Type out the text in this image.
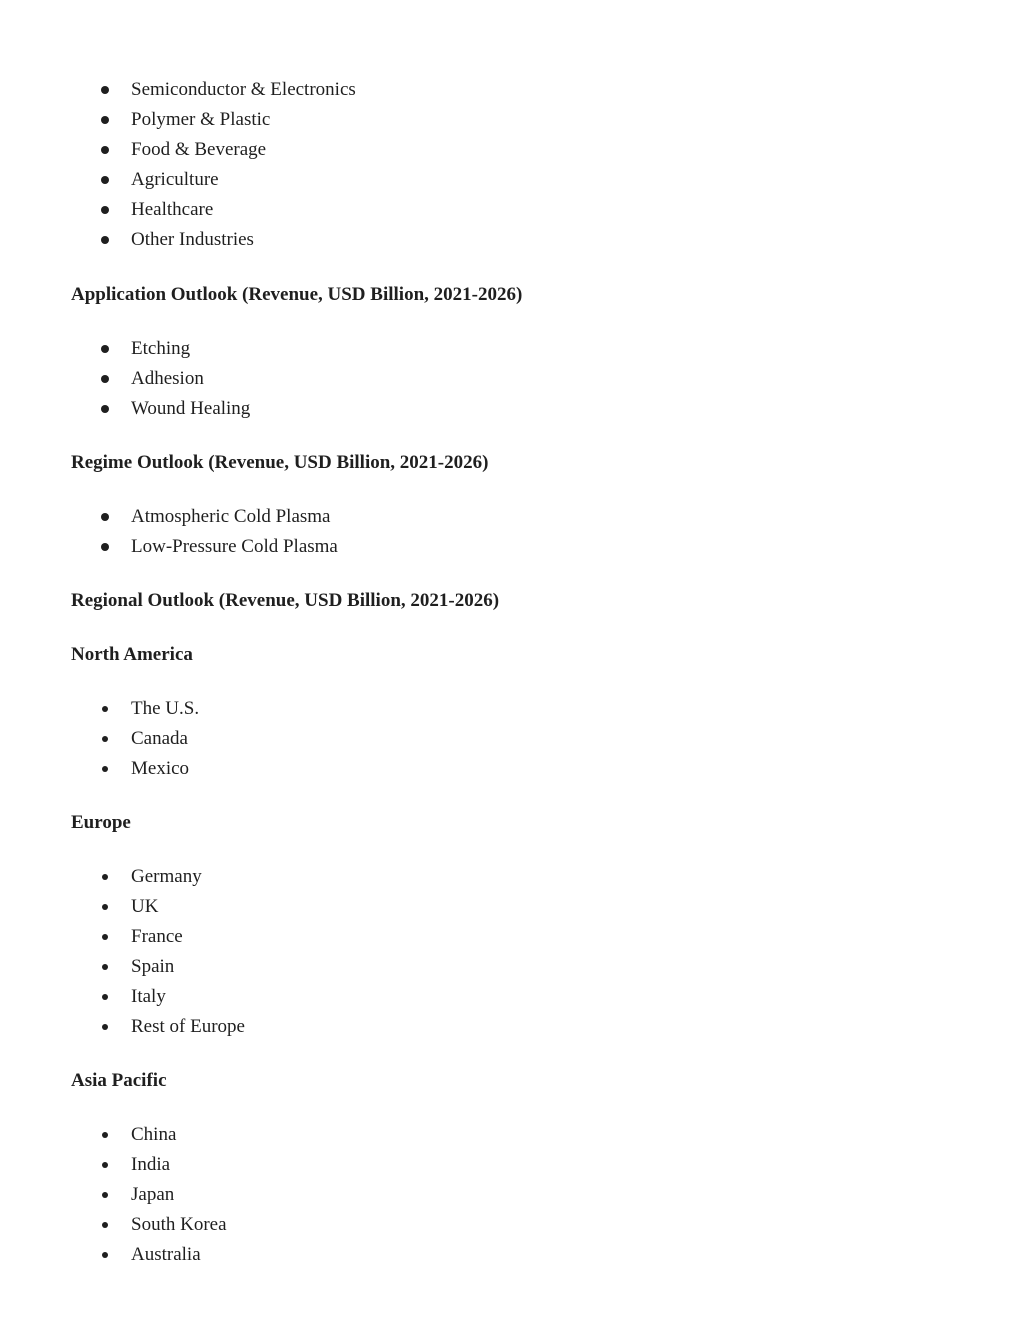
Semiconductor & Electronics
Polymer & Plastic
Food & Beverage
Agriculture
Healthcare
Other Industries
Application Outlook (Revenue, USD Billion, 2021-2026)
Etching
Adhesion
Wound Healing
Regime Outlook (Revenue, USD Billion, 2021-2026)
Atmospheric Cold Plasma
Low-Pressure Cold Plasma
Regional Outlook (Revenue, USD Billion, 2021-2026)
North America
The U.S.
Canada
Mexico
Europe
Germany
UK
France
Spain
Italy
Rest of Europe
Asia Pacific
China
India
Japan
South Korea
Australia
